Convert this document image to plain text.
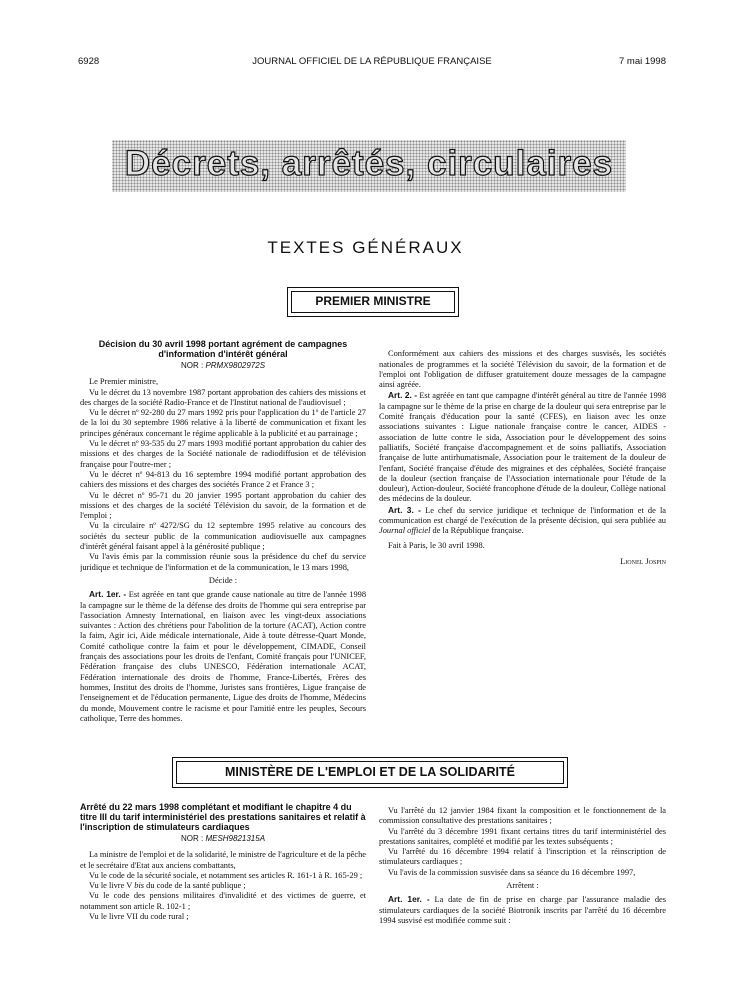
6928	JOURNAL OFFICIEL DE LA RÉPUBLIQUE FRANÇAISE	7 mai 1998
Décrets, arrêtés, circulaires
TEXTES GÉNÉRAUX
PREMIER MINISTRE

Décision du 30 avril 1998 portant agrément de campagnes d'information d'intérêt général

NOR : PRMX9802972S

Le Premier ministre,

Vu le décret du 13 novembre 1987 portant approbation des cahiers des missions et des charges de la société Radio-France et de l'Institut national de l'audiovisuel ;

Vu le décret nº 92-280 du 27 mars 1992 pris pour l'application du 1º de l'article 27 de la loi du 30 septembre 1986 relative à la liberté de communication et fixant les principes généraux concernant le régime applicable à la publicité et au parrainage ;

Vu le décret nº 93-535 du 27 mars 1993 modifié portant approbation du cahier des missions et des charges de la Société nationale de radiodiffusion et de télévision française pour l'outre-mer ;

Vu le décret nº 94-813 du 16 septembre 1994 modifié portant approbation des cahiers des missions et des charges des sociétés France 2 et France 3 ;

Vu le décret nº 95-71 du 20 janvier 1995 portant approbation du cahier des missions et des charges de la société Télévision du savoir, de la formation et de l'emploi ;

Vu la circulaire nº 4272/SG du 12 septembre 1995 relative au concours des sociétés du secteur public de la communication audiovisuelle aux campagnes d'intérêt général faisant appel à la générosité publique ;

Vu l'avis émis par la commission réunie sous la présidence du chef du service juridique et technique de l'information et de la communication, le 13 mars 1998,

Décide :

Art. 1er. - Est agréée en tant que grande cause nationale au titre de l'année 1998 la campagne sur le thème de la défense des droits de l'homme qui sera entreprise par l'association Amnesty International, en liaison avec les vingt-deux associations suivantes : Action des chrétiens pour l'abolition de la torture (ACAT), Action contre la faim, Agir ici, Aide médicale internationale, Aide à toute détresse-Quart Monde, Comité catholique contre la faim et pour le développement, CIMADE, Conseil français des associations pour les droits de l'enfant, Comité français pour l'UNICEF, Fédération française des clubs UNESCO, Fédération internationale ACAT, Fédération internationale des droits de l'homme, France-Libertés, Frères des hommes, Institut des droits de l'homme, Juristes sans frontières, Ligue française de l'enseignement et de l'éducation permanente, Ligue des droits de l'homme, Médecins du monde, Mouvement contre le racisme et pour l'amitié entre les peuples, Secours catholique, Terre des hommes.

Conformément aux cahiers des missions et des charges susvisés, les sociétés nationales de programmes et la société Télévision du savoir, de la formation et de l'emploi ont l'obligation de diffuser gratuitement douze messages de la campagne ainsi agréée.

Art. 2. - Est agréée en tant que campagne d'intérêt général au titre de l'année 1998 la campagne sur le thème de la prise en charge de la douleur qui sera entreprise par le Comité français d'éducation pour la santé (CFES), en liaison avec les onze associations suivantes : Ligue nationale française contre le cancer, AIDES - association de lutte contre le sida, Association pour le développement des soins palliatifs, Société française d'accompagnement et de soins palliatifs, Association française de lutte antirhumatismale, Association pour le traitement de la douleur de l'enfant, Société française d'étude des migraines et des céphalées, Société française de la douleur (section française de l'Association internationale pour l'étude de la douleur), Action-douleur, Société francophone d'étude de la douleur, Collège national des médecins de la douleur.

Art. 3. - Le chef du service juridique et technique de l'information et de la communication est chargé de l'exécution de la présente décision, qui sera publiée au Journal officiel de la République française.

Fait à Paris, le 30 avril 1998.

Lionel Jospin

MINISTÈRE DE L'EMPLOI ET DE LA SOLIDARITÉ

Arrêté du 22 mars 1998 complétant et modifiant le chapitre 4 du titre III du tarif interministériel des prestations sanitaires et relatif à l'inscription de stimulateurs cardiaques

NOR : MESH9821315A

La ministre de l'emploi et de la solidarité, le ministre de l'agriculture et de la pêche et le secrétaire d'Etat aux anciens combattants,

Vu le code de la sécurité sociale, et notamment ses articles R. 161-1 à R. 165-29 ;

Vu le livre V bis du code de la santé publique ;

Vu le code des pensions militaires d'invalidité et des victimes de guerre, et notamment son article R. 102-1 ;

Vu le livre VII du code rural ;

Vu l'arrêté du 12 janvier 1984 fixant la composition et le fonctionnement de la commission consultative des prestations sanitaires ;

Vu l'arrêté du 3 décembre 1991 fixant certains titres du tarif interministériel des prestations sanitaires, complété et modifié par les textes subséquents ;

Vu l'arrêté du 16 décembre 1994 relatif à l'inscription et la réinscription de stimulateurs cardiaques ;

Vu l'avis de la commission susvisée dans sa séance du 16 décembre 1997,

Arrêtent :

Art. 1er. - La date de fin de prise en charge par l'assurance maladie des stimulateurs cardiaques de la société Biotronik inscrits par l'arrêté du 16 décembre 1994 susvisé est modifiée comme suit :
